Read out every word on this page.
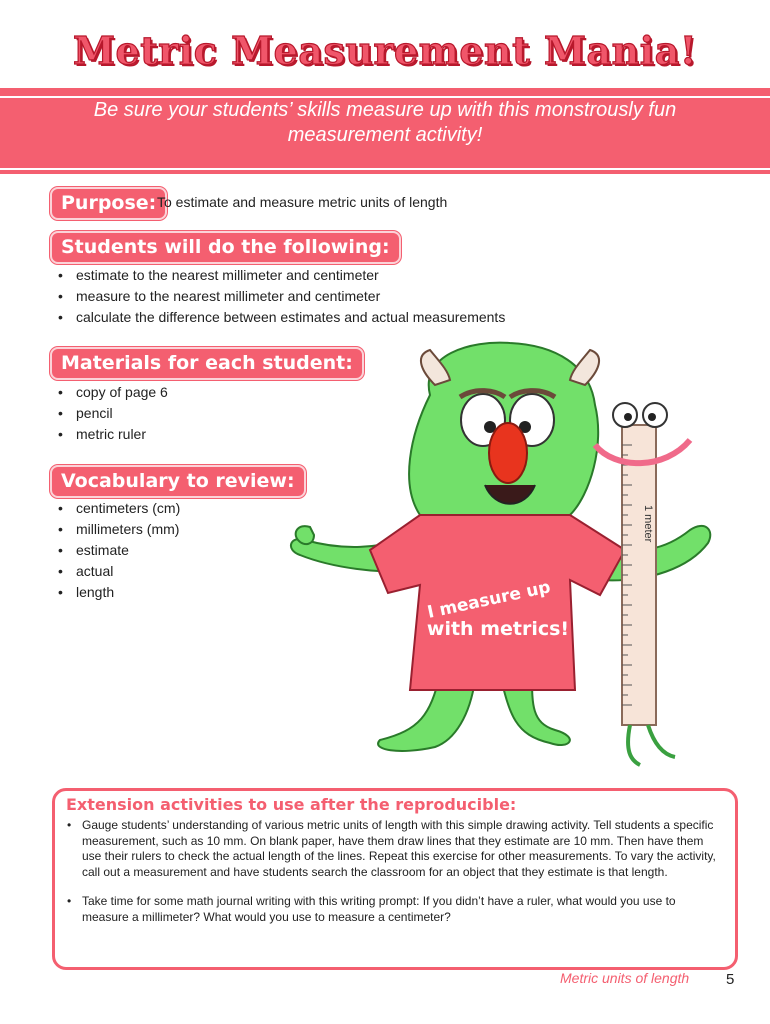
Metric Measurement Mania!
Be sure your students’ skills measure up with this monstrously fun measurement activity!
Purpose: To estimate and measure metric units of length
Students will do the following:
• estimate to the nearest millimeter and centimeter
• measure to the nearest millimeter and centimeter
• calculate the difference between estimates and actual measurements
Materials for each student:
• copy of page 6
• pencil
• metric ruler
Vocabulary to review:
• centimeters (cm)
• millimeters (mm)
• estimate
• actual
• length	I measure up
with metrics!
1 meter
Extension activities to use after the reproducible:
• Gauge students’ understanding of various metric units of length with this simple drawing activity. Tell students a specific measurement, such as 10 mm. On blank paper, have them draw lines that they estimate are 10 mm. Then have them use their rulers to check the actual length of the lines. Repeat this exercise for other measurements. To vary the activity, call out a measurement and have students search the classroom for an object that they estimate is that length.
• Take time for some math journal writing with this writing prompt: If you didn’t have a ruler, what would you use to measure a millimeter? What would you use to measure a centimeter?
Metric units of length 5
